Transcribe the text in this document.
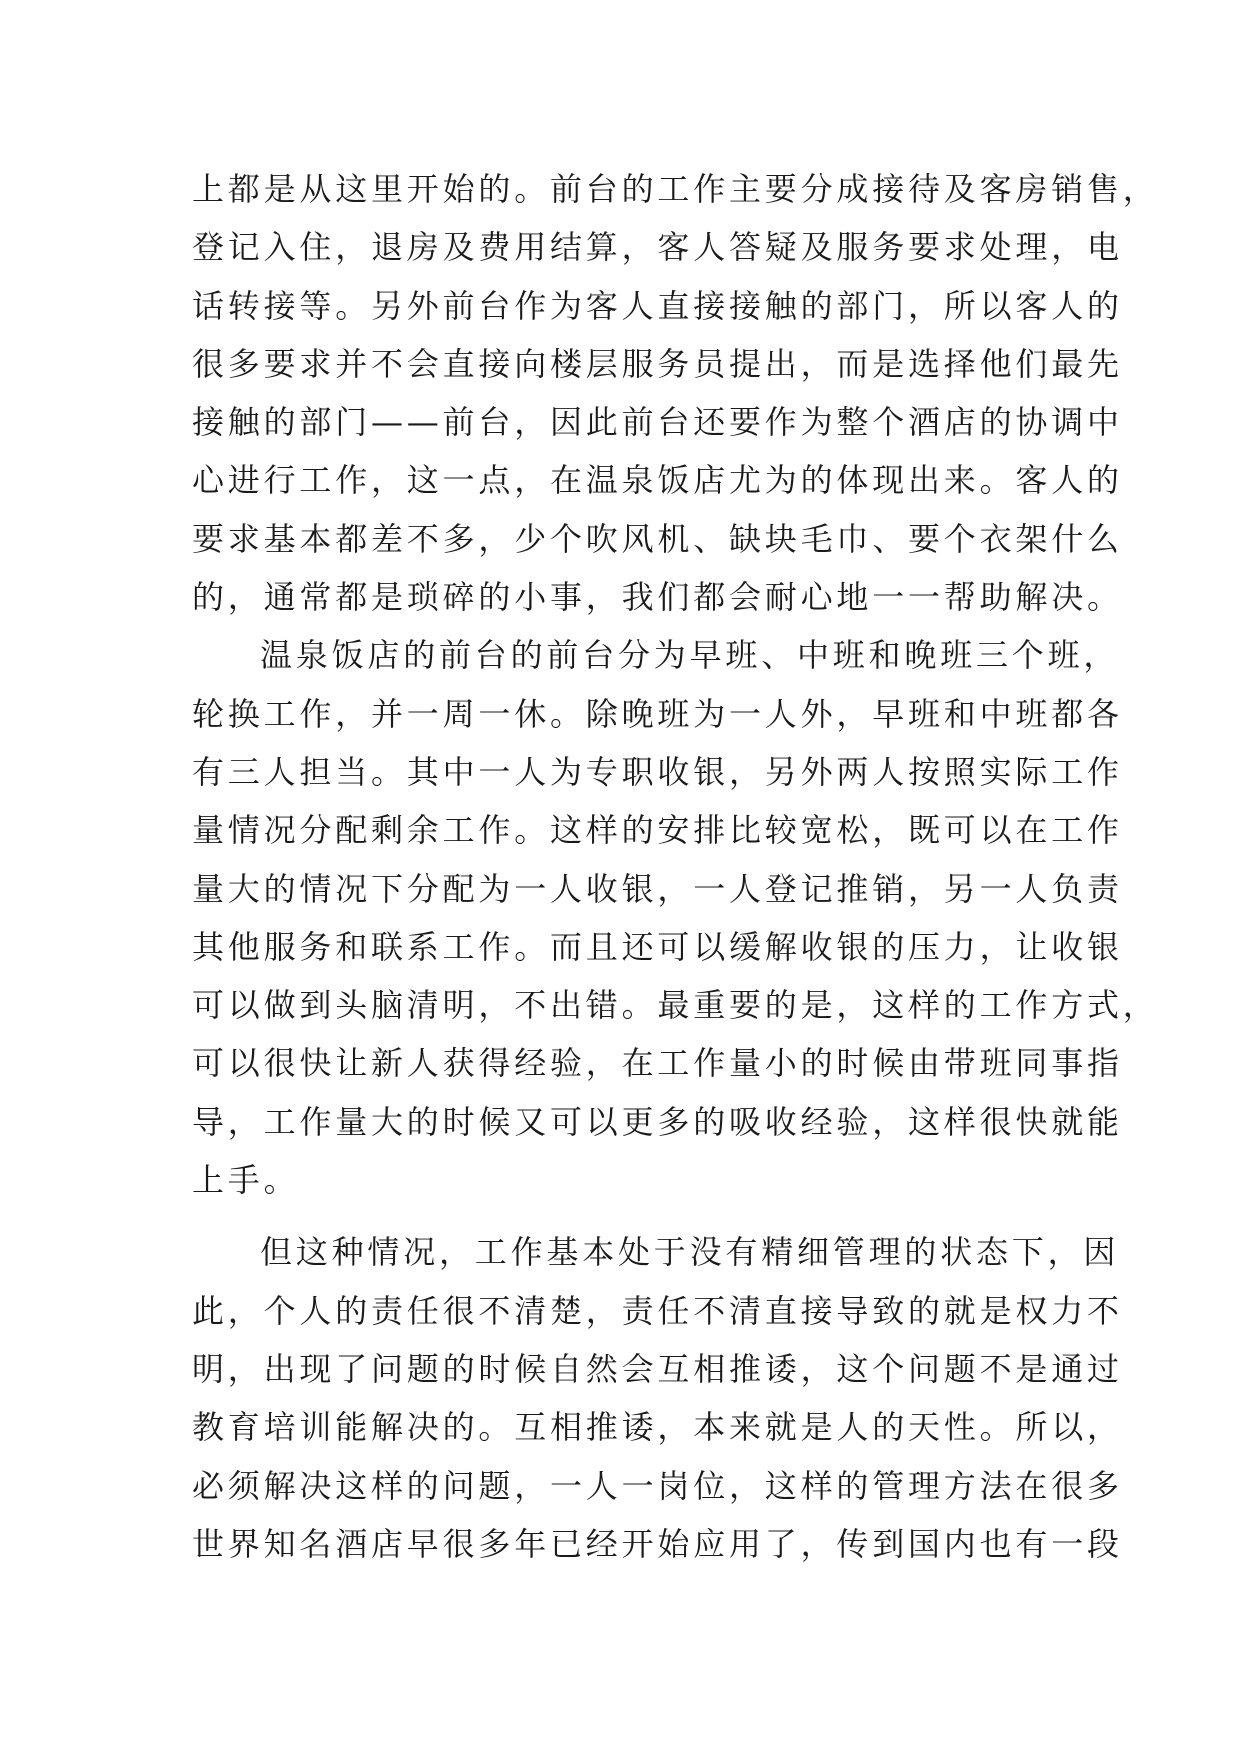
上都是从这里开始的。前台的工作主要分成接待及客房销售，
登记入住，退房及费用结算，客人答疑及服务要求处理，电
话转接等。另外前台作为客人直接接触的部门，所以客人的
很多要求并不会直接向楼层服务员提出，而是选择他们最先
接触的部门——前台，因此前台还要作为整个酒店的协调中
心进行工作，这一点，在温泉饭店尤为的体现出来。客人的
要求基本都差不多，少个吹风机、缺块毛巾、要个衣架什么
的，通常都是琐碎的小事，我们都会耐心地一一帮助解决。
温泉饭店的前台的前台分为早班、中班和晚班三个班，
轮换工作，并一周一休。除晚班为一人外，早班和中班都各
有三人担当。其中一人为专职收银，另外两人按照实际工作
量情况分配剩余工作。这样的安排比较宽松，既可以在工作
量大的情况下分配为一人收银，一人登记推销，另一人负责
其他服务和联系工作。而且还可以缓解收银的压力，让收银
可以做到头脑清明，不出错。最重要的是，这样的工作方式，
可以很快让新人获得经验，在工作量小的时候由带班同事指
导，工作量大的时候又可以更多的吸收经验，这样很快就能
上手。
但这种情况，工作基本处于没有精细管理的状态下，因
此，个人的责任很不清楚，责任不清直接导致的就是权力不
明，出现了问题的时候自然会互相推诿，这个问题不是通过
教育培训能解决的。互相推诿，本来就是人的天性。所以，
必须解决这样的问题，一人一岗位，这样的管理方法在很多
世界知名酒店早很多年已经开始应用了，传到国内也有一段
